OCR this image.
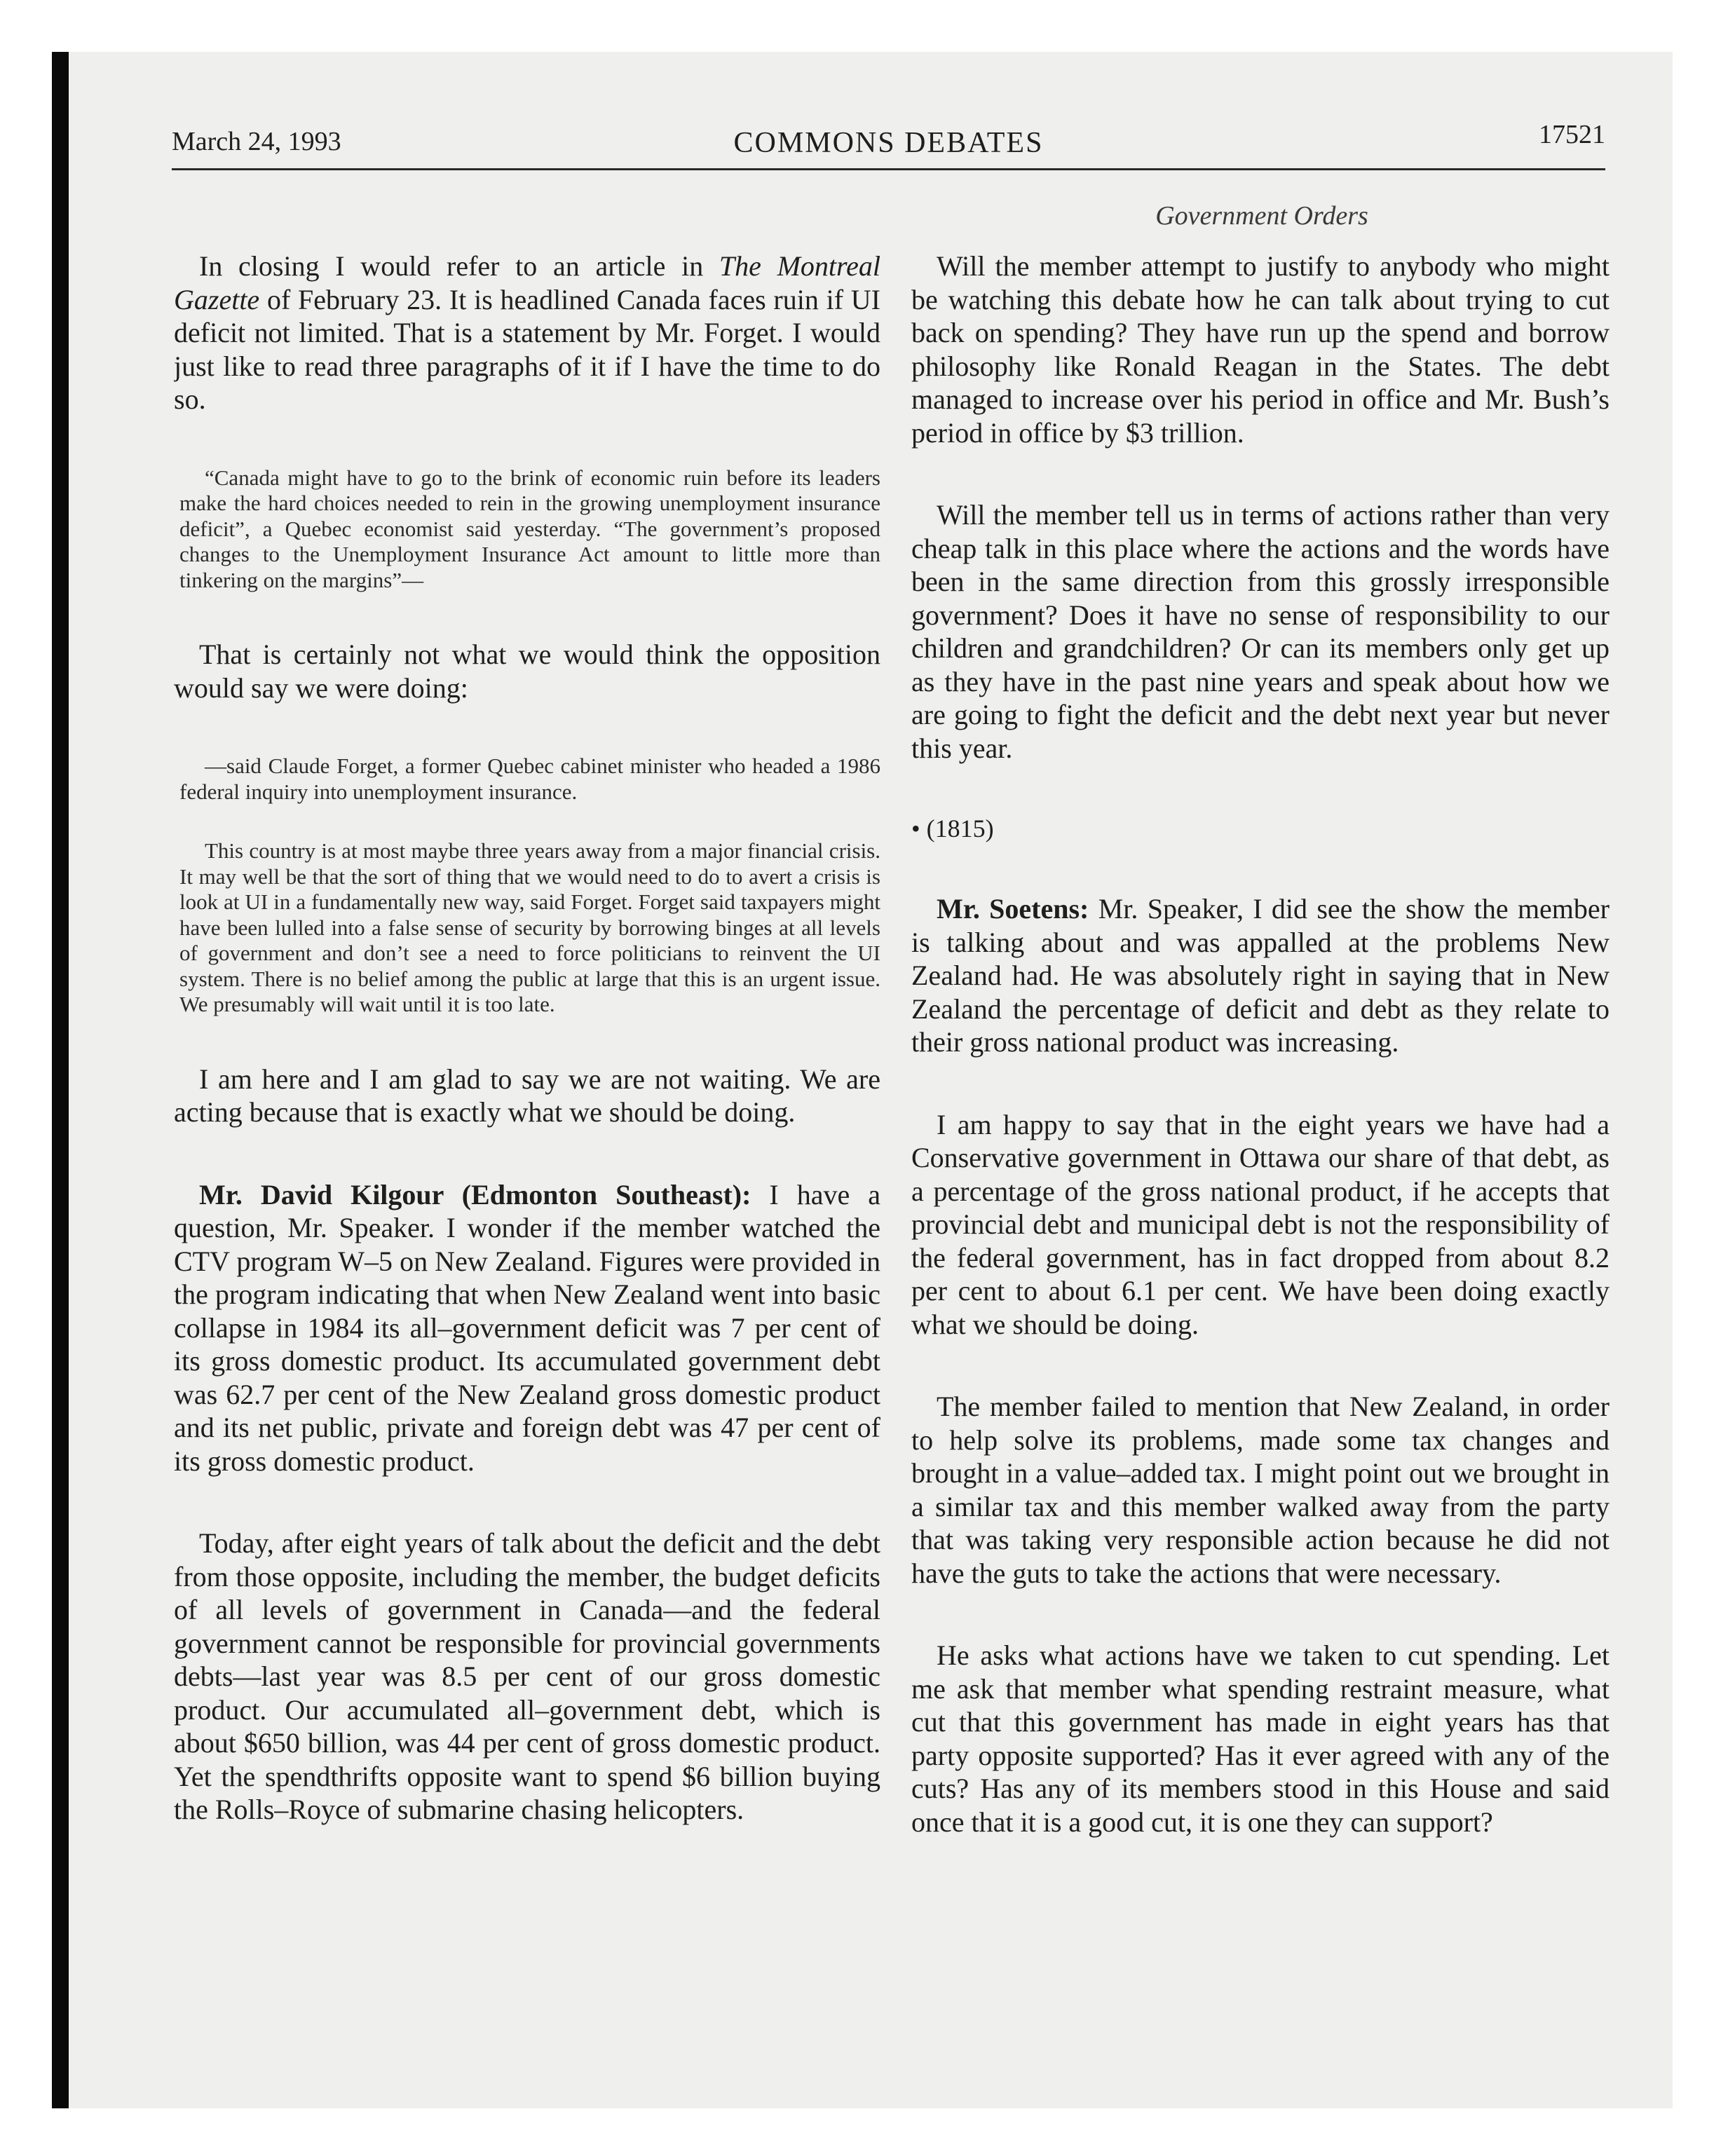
March 24, 1993	COMMONS DEBATES	17521
Government Orders

In closing I would refer to an article in The Montreal Gazette of February 23. It is headlined Canada faces ruin if UI deficit not limited. That is a statement by Mr. Forget. I would just like to read three paragraphs of it if I have the time to do so.

“Canada might have to go to the brink of economic ruin before its leaders make the hard choices needed to rein in the growing unemployment insurance deficit”, a Quebec economist said yesterday. “The government’s proposed changes to the Unemployment Insurance Act amount to little more than tinkering on the margins”—

That is certainly not what we would think the opposition would say we were doing:

—said Claude Forget, a former Quebec cabinet minister who headed a 1986 federal inquiry into unemployment insurance.

This country is at most maybe three years away from a major financial crisis. It may well be that the sort of thing that we would need to do to avert a crisis is look at UI in a fundamentally new way, said Forget. Forget said taxpayers might have been lulled into a false sense of security by borrowing binges at all levels of government and don’t see a need to force politicians to reinvent the UI system. There is no belief among the public at large that this is an urgent issue. We presumably will wait until it is too late.

I am here and I am glad to say we are not waiting. We are acting because that is exactly what we should be doing.

Mr. David Kilgour (Edmonton Southeast): I have a question, Mr. Speaker. I wonder if the member watched the CTV program W–5 on New Zealand. Figures were provided in the program indicating that when New Zealand went into basic collapse in 1984 its all–government deficit was 7 per cent of its gross domestic product. Its accumulated government debt was 62.7 per cent of the New Zealand gross domestic product and its net public, private and foreign debt was 47 per cent of its gross domestic product.

Today, after eight years of talk about the deficit and the debt from those opposite, including the member, the budget deficits of all levels of government in Canada—and the federal government cannot be responsible for provincial governments debts—last year was 8.5 per cent of our gross domestic product. Our accumulated all–government debt, which is about $650 billion, was 44 per cent of gross domestic product. Yet the spendthrifts opposite want to spend $6 billion buying the Rolls–Royce of submarine chasing helicopters.

Will the member attempt to justify to anybody who might be watching this debate how he can talk about trying to cut back on spending? They have run up the spend and borrow philosophy like Ronald Reagan in the States. The debt managed to increase over his period in office and Mr. Bush’s period in office by $3 trillion.

Will the member tell us in terms of actions rather than very cheap talk in this place where the actions and the words have been in the same direction from this grossly irresponsible government? Does it have no sense of responsibility to our children and grandchildren? Or can its members only get up as they have in the past nine years and speak about how we are going to fight the deficit and the debt next year but never this year.

• (1815)

Mr. Soetens: Mr. Speaker, I did see the show the member is talking about and was appalled at the problems New Zealand had. He was absolutely right in saying that in New Zealand the percentage of deficit and debt as they relate to their gross national product was increasing.

I am happy to say that in the eight years we have had a Conservative government in Ottawa our share of that debt, as a percentage of the gross national product, if he accepts that provincial debt and municipal debt is not the responsibility of the federal government, has in fact dropped from about 8.2 per cent to about 6.1 per cent. We have been doing exactly what we should be doing.

The member failed to mention that New Zealand, in order to help solve its problems, made some tax changes and brought in a value–added tax. I might point out we brought in a similar tax and this member walked away from the party that was taking very responsible action because he did not have the guts to take the actions that were necessary.

He asks what actions have we taken to cut spending. Let me ask that member what spending restraint measure, what cut that this government has made in eight years has that party opposite supported? Has it ever agreed with any of the cuts? Has any of its members stood in this House and said once that it is a good cut, it is one they can support?
